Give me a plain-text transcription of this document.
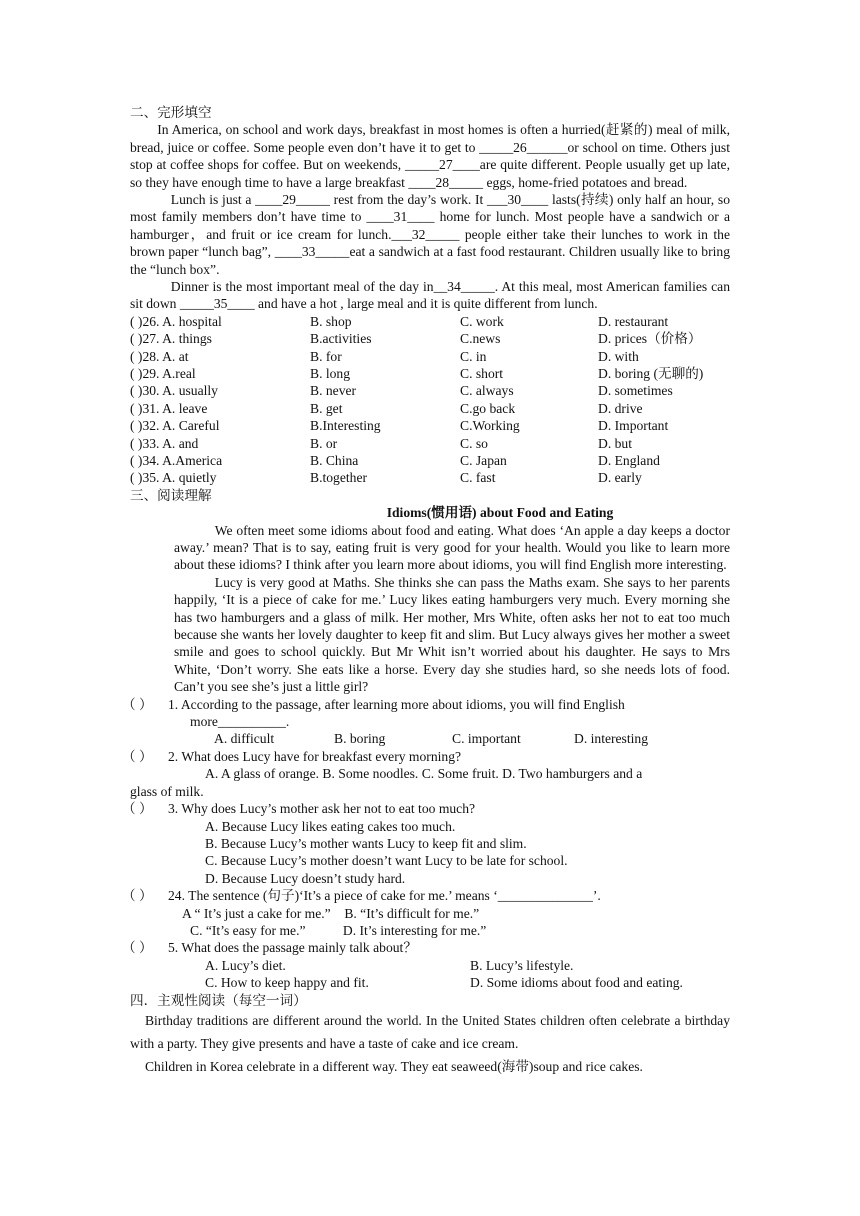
二、完形填空

In America, on school and work days, breakfast in most homes is often a hurried(赶紧的) meal of milk, bread, juice or coffee. Some people even don’t have it to get to _____26______or school on time. Others just stop at coffee shops for coffee. But on weekends, _____27____are quite different. People usually get up late, so they have enough time to have a large breakfast ____28_____ eggs, home-fried potatoes and bread.

Lunch is just a ____29_____ rest from the day’s work. It ___30____ lasts(持续) only half an hour, so most family members don’t have time to ____31____ home for lunch. Most people have a sandwich or a hamburger，and fruit or ice cream for lunch.___32_____ people either take their lunches to work in the brown paper “lunch bag”, ____33_____eat a sandwich at a fast food restaurant. Children usually like to bring the “lunch box”.

Dinner is the most important meal of the day in__34_____. At this meal, most American families can sit down _____35____ and have a hot , large meal and it is quite different from lunch.

( )26. A. hospital	B. shop	C. work	D. restaurant
( )27. A. things	B.activities	C.news	D. prices（价格）
( )28. A. at	B. for	C. in	D. with
( )29. A.real	B. long	C. short	D. boring (无聊的)
( )30. A. usually	B. never	C. always	D. sometimes
( )31. A. leave	B. get	C.go back	D. drive
( )32. A. Careful	B.Interesting	C.Working	D. Important
( )33. A. and	B. or	C. so	D. but
( )34. A.America	B. China	C. Japan	D. England
( )35. A. quietly	B.together	C. fast	D. early

三、阅读理解

Idioms(惯用语) about Food and Eating

We often meet some idioms about food and eating. What does ‘An apple a day keeps a doctor away.’ mean? That is to say, eating fruit is very good for your health. Would you like to learn more about these idioms? I think after you learn more about idioms, you will find English more interesting.

Lucy is very good at Maths. She thinks she can pass the Maths exam. She says to her parents happily, ‘It is a piece of cake for me.’ Lucy likes eating hamburgers very much. Every morning she has two hamburgers and a glass of milk. Her mother, Mrs White, often asks her not to eat too much because she wants her lovely daughter to keep fit and slim. But Lucy always gives her mother a sweet smile and goes to school quickly. But Mr Whit isn’t worried about his daughter. He says to Mrs White, ‘Don’t worry. She eats like a horse. Every day she studies hard, so she needs lots of food. Can’t you see she’s just a little girl?

（ ） 1. According to the passage, after learning more about idioms, you will find English

more__________.

A. difficult	B. boring	C. important	D. interesting

（ ） 2. What does Lucy have for breakfast every morning?

A. A glass of orange. B. Some noodles. C. Some fruit. D. Two hamburgers and a

glass of milk.

（ ） 3. Why does Lucy’s mother ask her not to eat too much?

A. Because Lucy likes eating cakes too much.

B. Because Lucy’s mother wants Lucy to keep fit and slim.

C. Because Lucy’s mother doesn’t want Lucy to be late for school.

D. Because Lucy doesn’t study hard.

（ ） 24. The sentence (句子)‘It’s a piece of cake for me.’ means ‘______________’.

A “ It’s just a cake for me.”    B. “It’s difficult for me.”

C. “It’s easy for me.”           D. It’s interesting for me.”

（ ） 5. What does the passage mainly talk about？

A. Lucy’s diet.	B. Lucy’s lifestyle.

C. How to keep happy and fit.	D. Some idioms about food and eating.

四．主观性阅读（每空一词）

Birthday traditions are different around the world. In the United States children often celebrate a birthday with a party. They give presents and have a taste of cake and ice cream.

Children in Korea celebrate in a different way. They eat seaweed(海带)soup and rice cakes.
